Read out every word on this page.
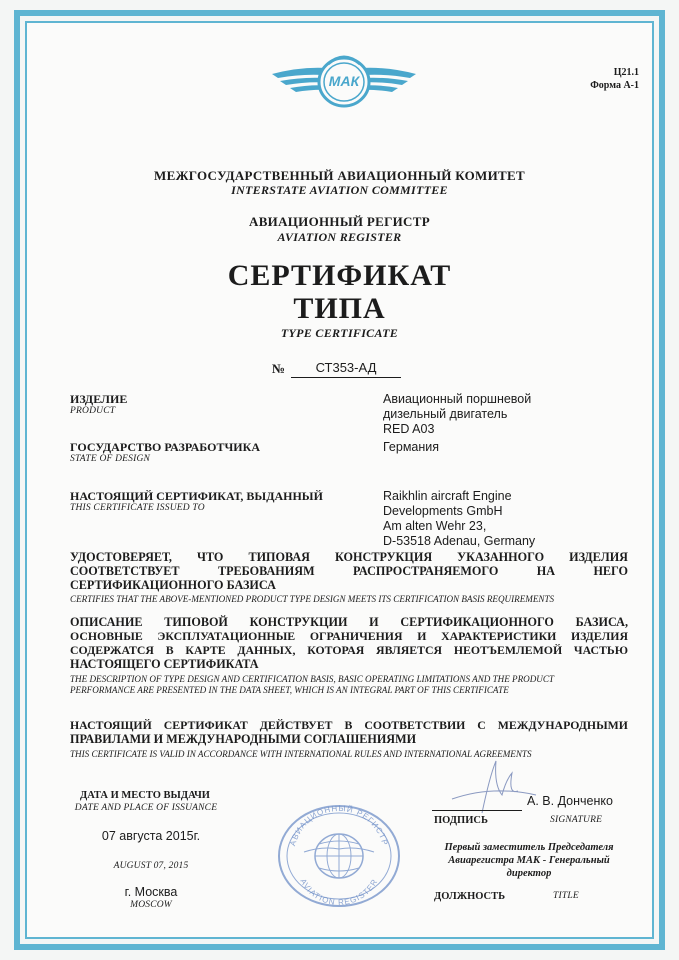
МАК
Ц21.1
Форма А-1
МЕЖГОСУДАРСТВЕННЫЙ АВИАЦИОННЫЙ КОМИТЕТ
INTERSTATE AVIATION COMMITTEE
АВИАЦИОННЫЙ РЕГИСТР
AVIATION REGISTER
СЕРТИФИКАТ
ТИПА
TYPE CERTIFICATE
№	СТ353-АД
ИЗДЕЛИЕ
PRODUCT
Авиационный поршневой
дизельный двигатель
RED A03
ГОСУДАРСТВО РАЗРАБОТЧИКА
STATE OF DESIGN
Германия
НАСТОЯЩИЙ СЕРТИФИКАТ, ВЫДАННЫЙ
THIS CERTIFICATE ISSUED TO
Raikhlin aircraft Engine
Developments GmbH
Am alten Wehr 23,
D-53518 Adenau, Germany
УДОСТОВЕРЯЕТ, ЧТО ТИПОВАЯ КОНСТРУКЦИЯ УКАЗАННОГО ИЗДЕЛИЯ
СООТВЕТСТВУЕТ ТРЕБОВАНИЯМ РАСПРОСТРАНЯЕМОГО НА НЕГО
СЕРТИФИКАЦИОННОГО БАЗИСА
CERTIFIES THAT THE ABOVE-MENTIONED PRODUCT TYPE DESIGN MEETS ITS CERTIFICATION BASIS REQUIREMENTS
ОПИСАНИЕ ТИПОВОЙ КОНСТРУКЦИИ И СЕРТИФИКАЦИОННОГО БАЗИСА,
ОСНОВНЫЕ ЭКСПЛУАТАЦИОННЫЕ ОГРАНИЧЕНИЯ И ХАРАКТЕРИСТИКИ ИЗДЕЛИЯ
СОДЕРЖАТСЯ В КАРТЕ ДАННЫХ, КОТОРАЯ ЯВЛЯЕТСЯ НЕОТЪЕМЛЕМОЙ ЧАСТЬЮ
НАСТОЯЩЕГО СЕРТИФИКАТА
THE DESCRIPTION OF TYPE DESIGN AND CERTIFICATION BASIS, BASIC OPERATING LIMITATIONS AND THE PRODUCT
PERFORMANCE ARE PRESENTED IN THE DATA SHEET, WHICH IS AN INTEGRAL PART OF THIS CERTIFICATE
НАСТОЯЩИЙ СЕРТИФИКАТ ДЕЙСТВУЕТ В СООТВЕТСТВИИ С МЕЖДУНАРОДНЫМИ
ПРАВИЛАМИ И МЕЖДУНАРОДНЫМИ СОГЛАШЕНИЯМИ
THIS CERTIFICATE IS VALID IN ACCORDANCE WITH INTERNATIONAL RULES AND INTERNATIONAL AGREEMENTS
ДАТА И МЕСТО ВЫДАЧИ
DATE AND PLACE OF ISSUANCE
07 августа 2015г.
AUGUST 07, 2015
г. Москва
MOSCOW
АВИАЦИОННЫЙ РЕГИСТР
AVIATION REGISTER
А. В. Донченко
ПОДПИСЬ	SIGNATURE
Первый заместитель Председателя
Авиарегистра МАК - Генеральный
директор
ДОЛЖНОСТЬ	TITLE
